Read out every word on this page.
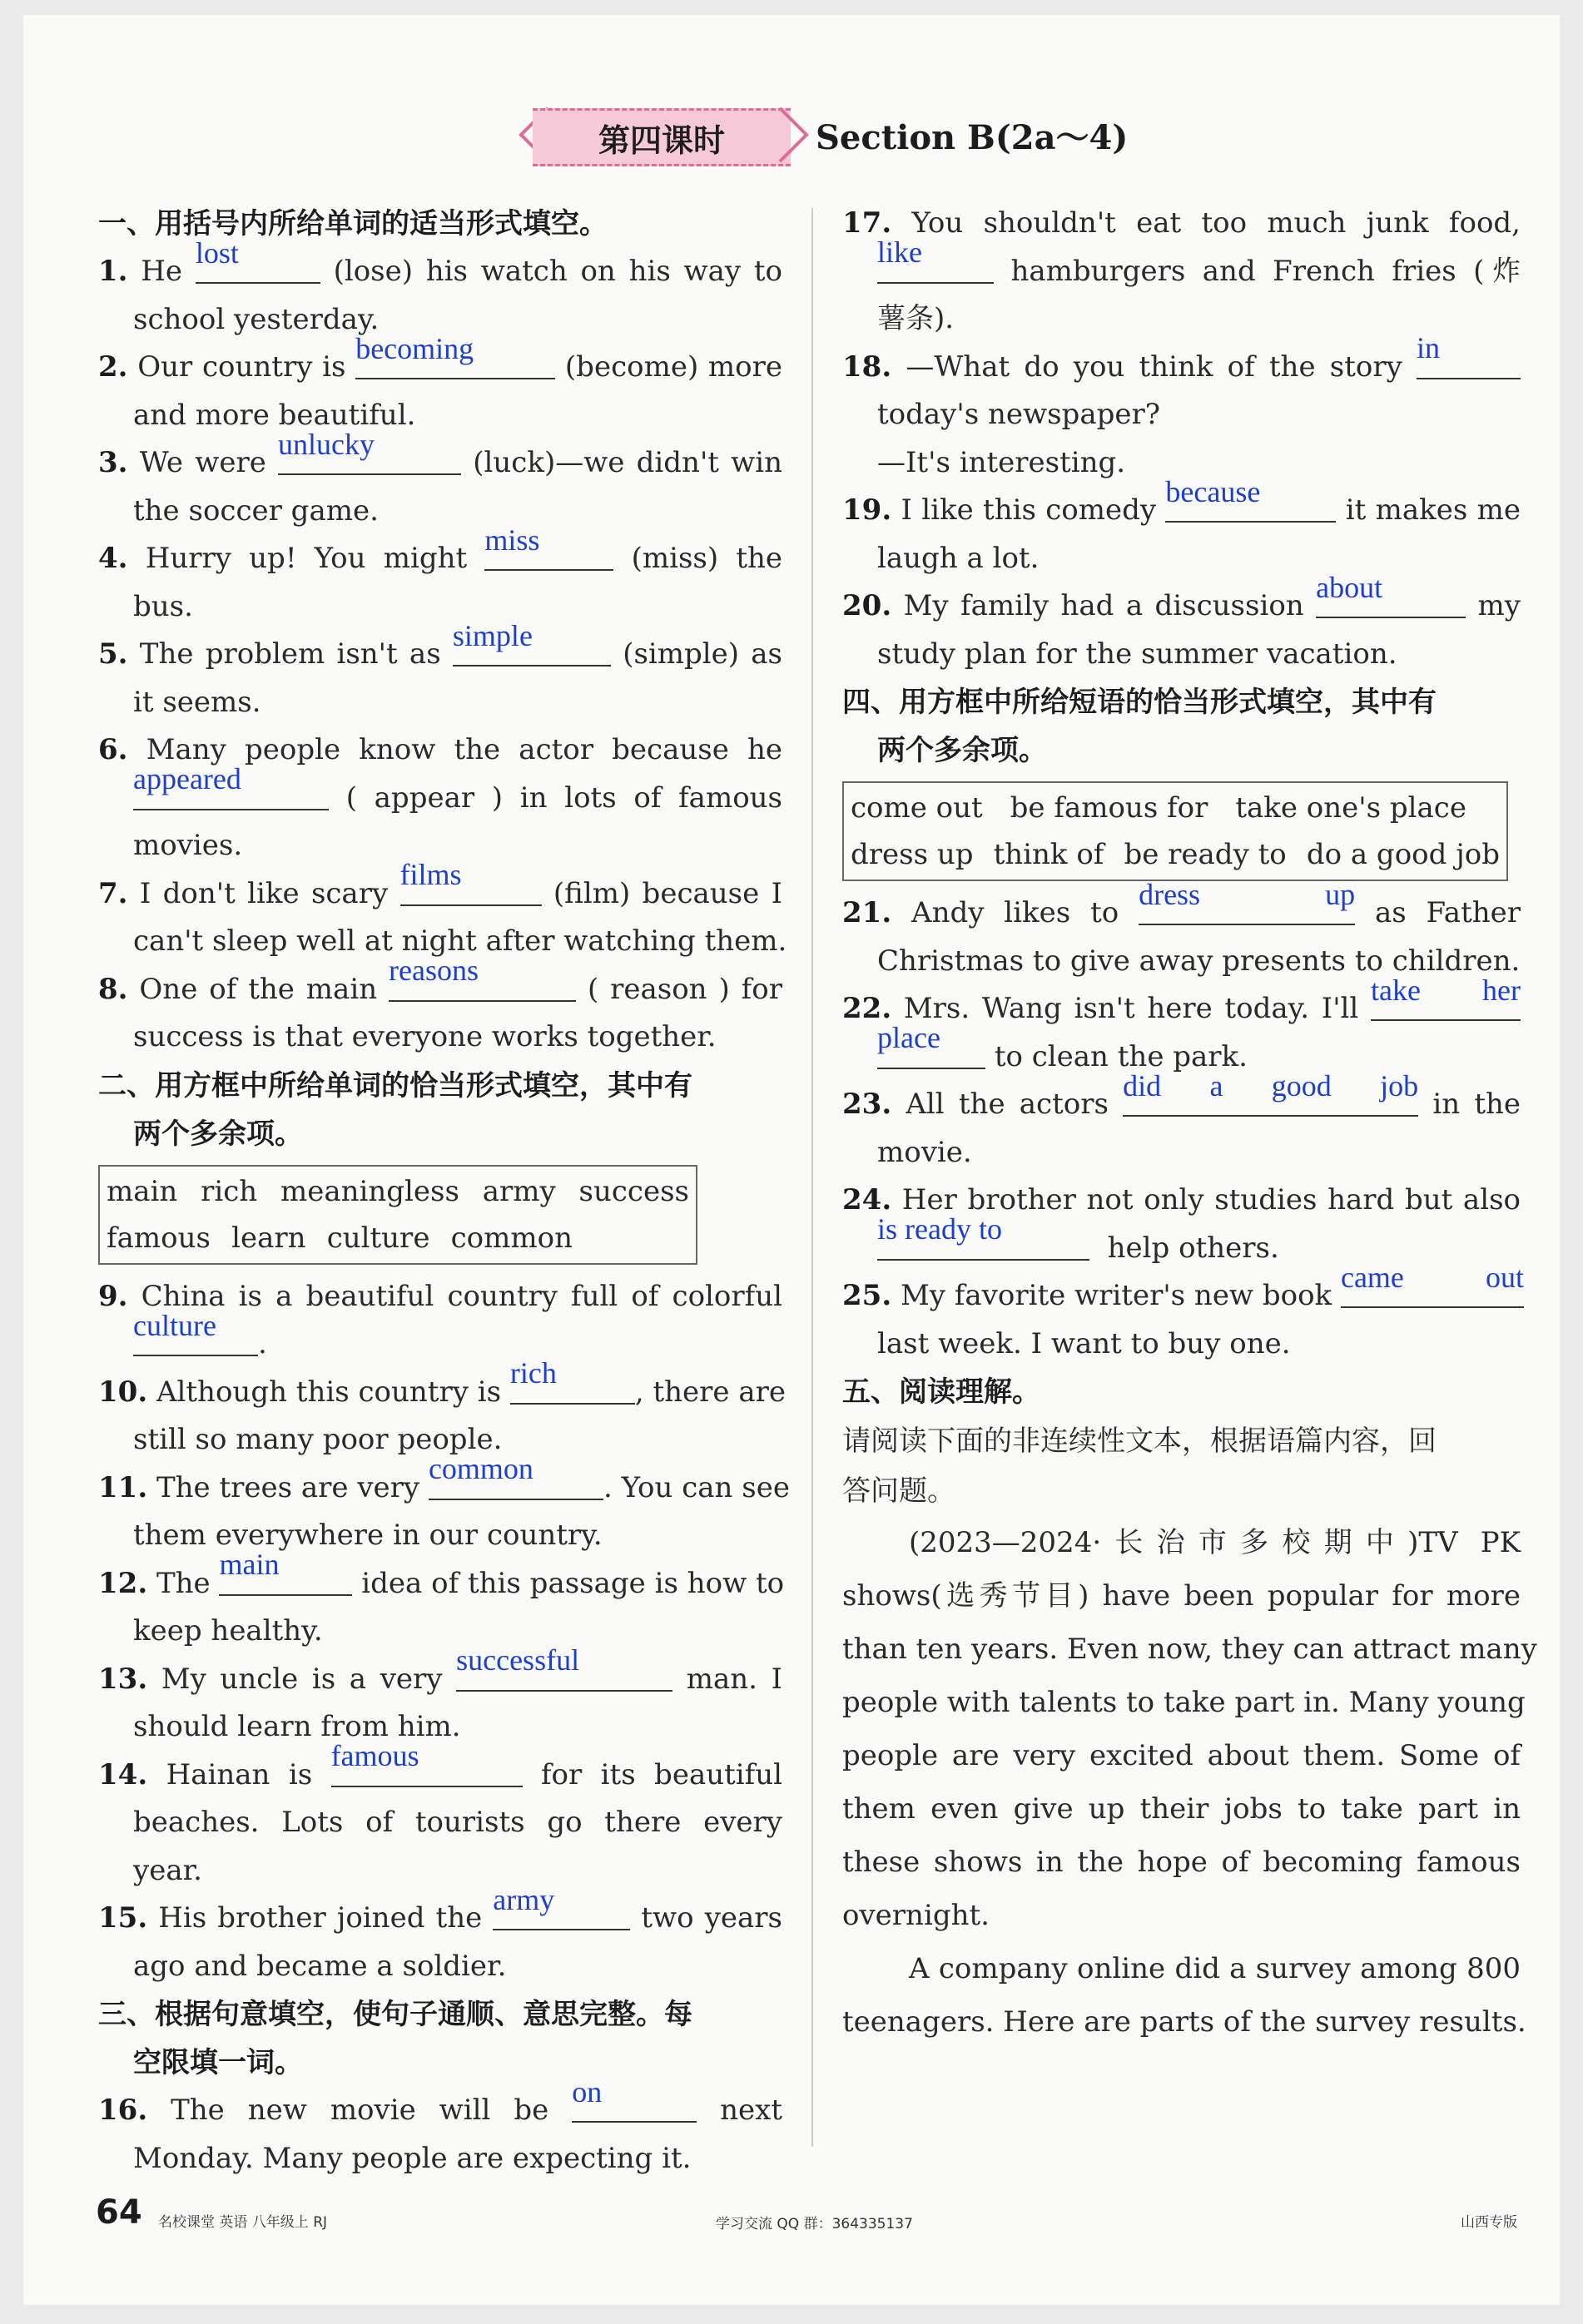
第四课时	Section B(2a～4)
一、用括号内所给单词的适当形式填空。
1. He
lost
(lose) his watch on his way to
school yesterday.
2. Our country is
becoming
(become) more
and more beautiful.
3. We were
unlucky
(luck)—we didn't win
the soccer game.
4. Hurry up! You might
miss
(miss) the
bus.
5. The problem isn't as
simple
(simple) as
it seems.
6. Many people know the actor because he
appeared
( appear ) in lots of famous
movies.
7. I don't like scary
films
(film) because I
can't sleep well at night after watching them.
8. One of the main
reasons
( reason ) for
success is that everyone works together.
二、用方框中所给单词的恰当形式填空，其中有
两个多余项。
main rich meaningless army success
famous learn culture common
9. China is a beautiful country full of colorful
culture
.
10. Although this country is
rich
, there are
still so many poor people.
11. The trees are very
common
. You can see
them everywhere in our country.
12. The
main
idea of this passage is how to
keep healthy.
13. My uncle is a very
successful
man. I
should learn from him.
14. Hainan is
famous
for its beautiful
beaches. Lots of tourists go there every
year.
15. His brother joined the
army
two years
ago and became a soldier.
三、根据句意填空，使句子通顺、意思完整。每
空限填一词。
16. The new movie will be
on
next
Monday. Many people are expecting it.
17. You shouldn't eat too much junk food,
like
hamburgers and French fries (炸
薯条).
18. —What do you think of the story
in
today's newspaper?
—It's interesting.
19. I like this comedy
because
it makes me
laugh a lot.
20. My family had a discussion
about
my
study plan for the summer vacation.
四、用方框中所给短语的恰当形式填空，其中有
两个多余项。
come out be famous for take one's place
dress up think of be ready to do a good job
21. Andy likes to
dress up
as Father
Christmas to give away presents to children.
22. Mrs. Wang isn't here today. I'll
take her
place
to clean the park.
23. All the actors
did a good job
in the
movie.
24. Her brother not only studies hard but also
is ready to
help others.
25. My favorite writer's new book
came out
last week. I want to buy one.
五、阅读理解。
请阅读下面的非连续性文本，根据语篇内容，回
答问题。
(2023—2024·长治市多校期中)TV PK
shows(选秀节目) have been popular for more
than ten years. Even now, they can attract many
people with talents to take part in. Many young
people are very excited about them. Some of
them even give up their jobs to take part in
these shows in the hope of becoming famous
overnight.
A company online did a survey among 800
teenagers. Here are parts of the survey results.
64 名校课堂 英语 八年级上 RJ	学习交流 QQ 群：364335137	山西专版
